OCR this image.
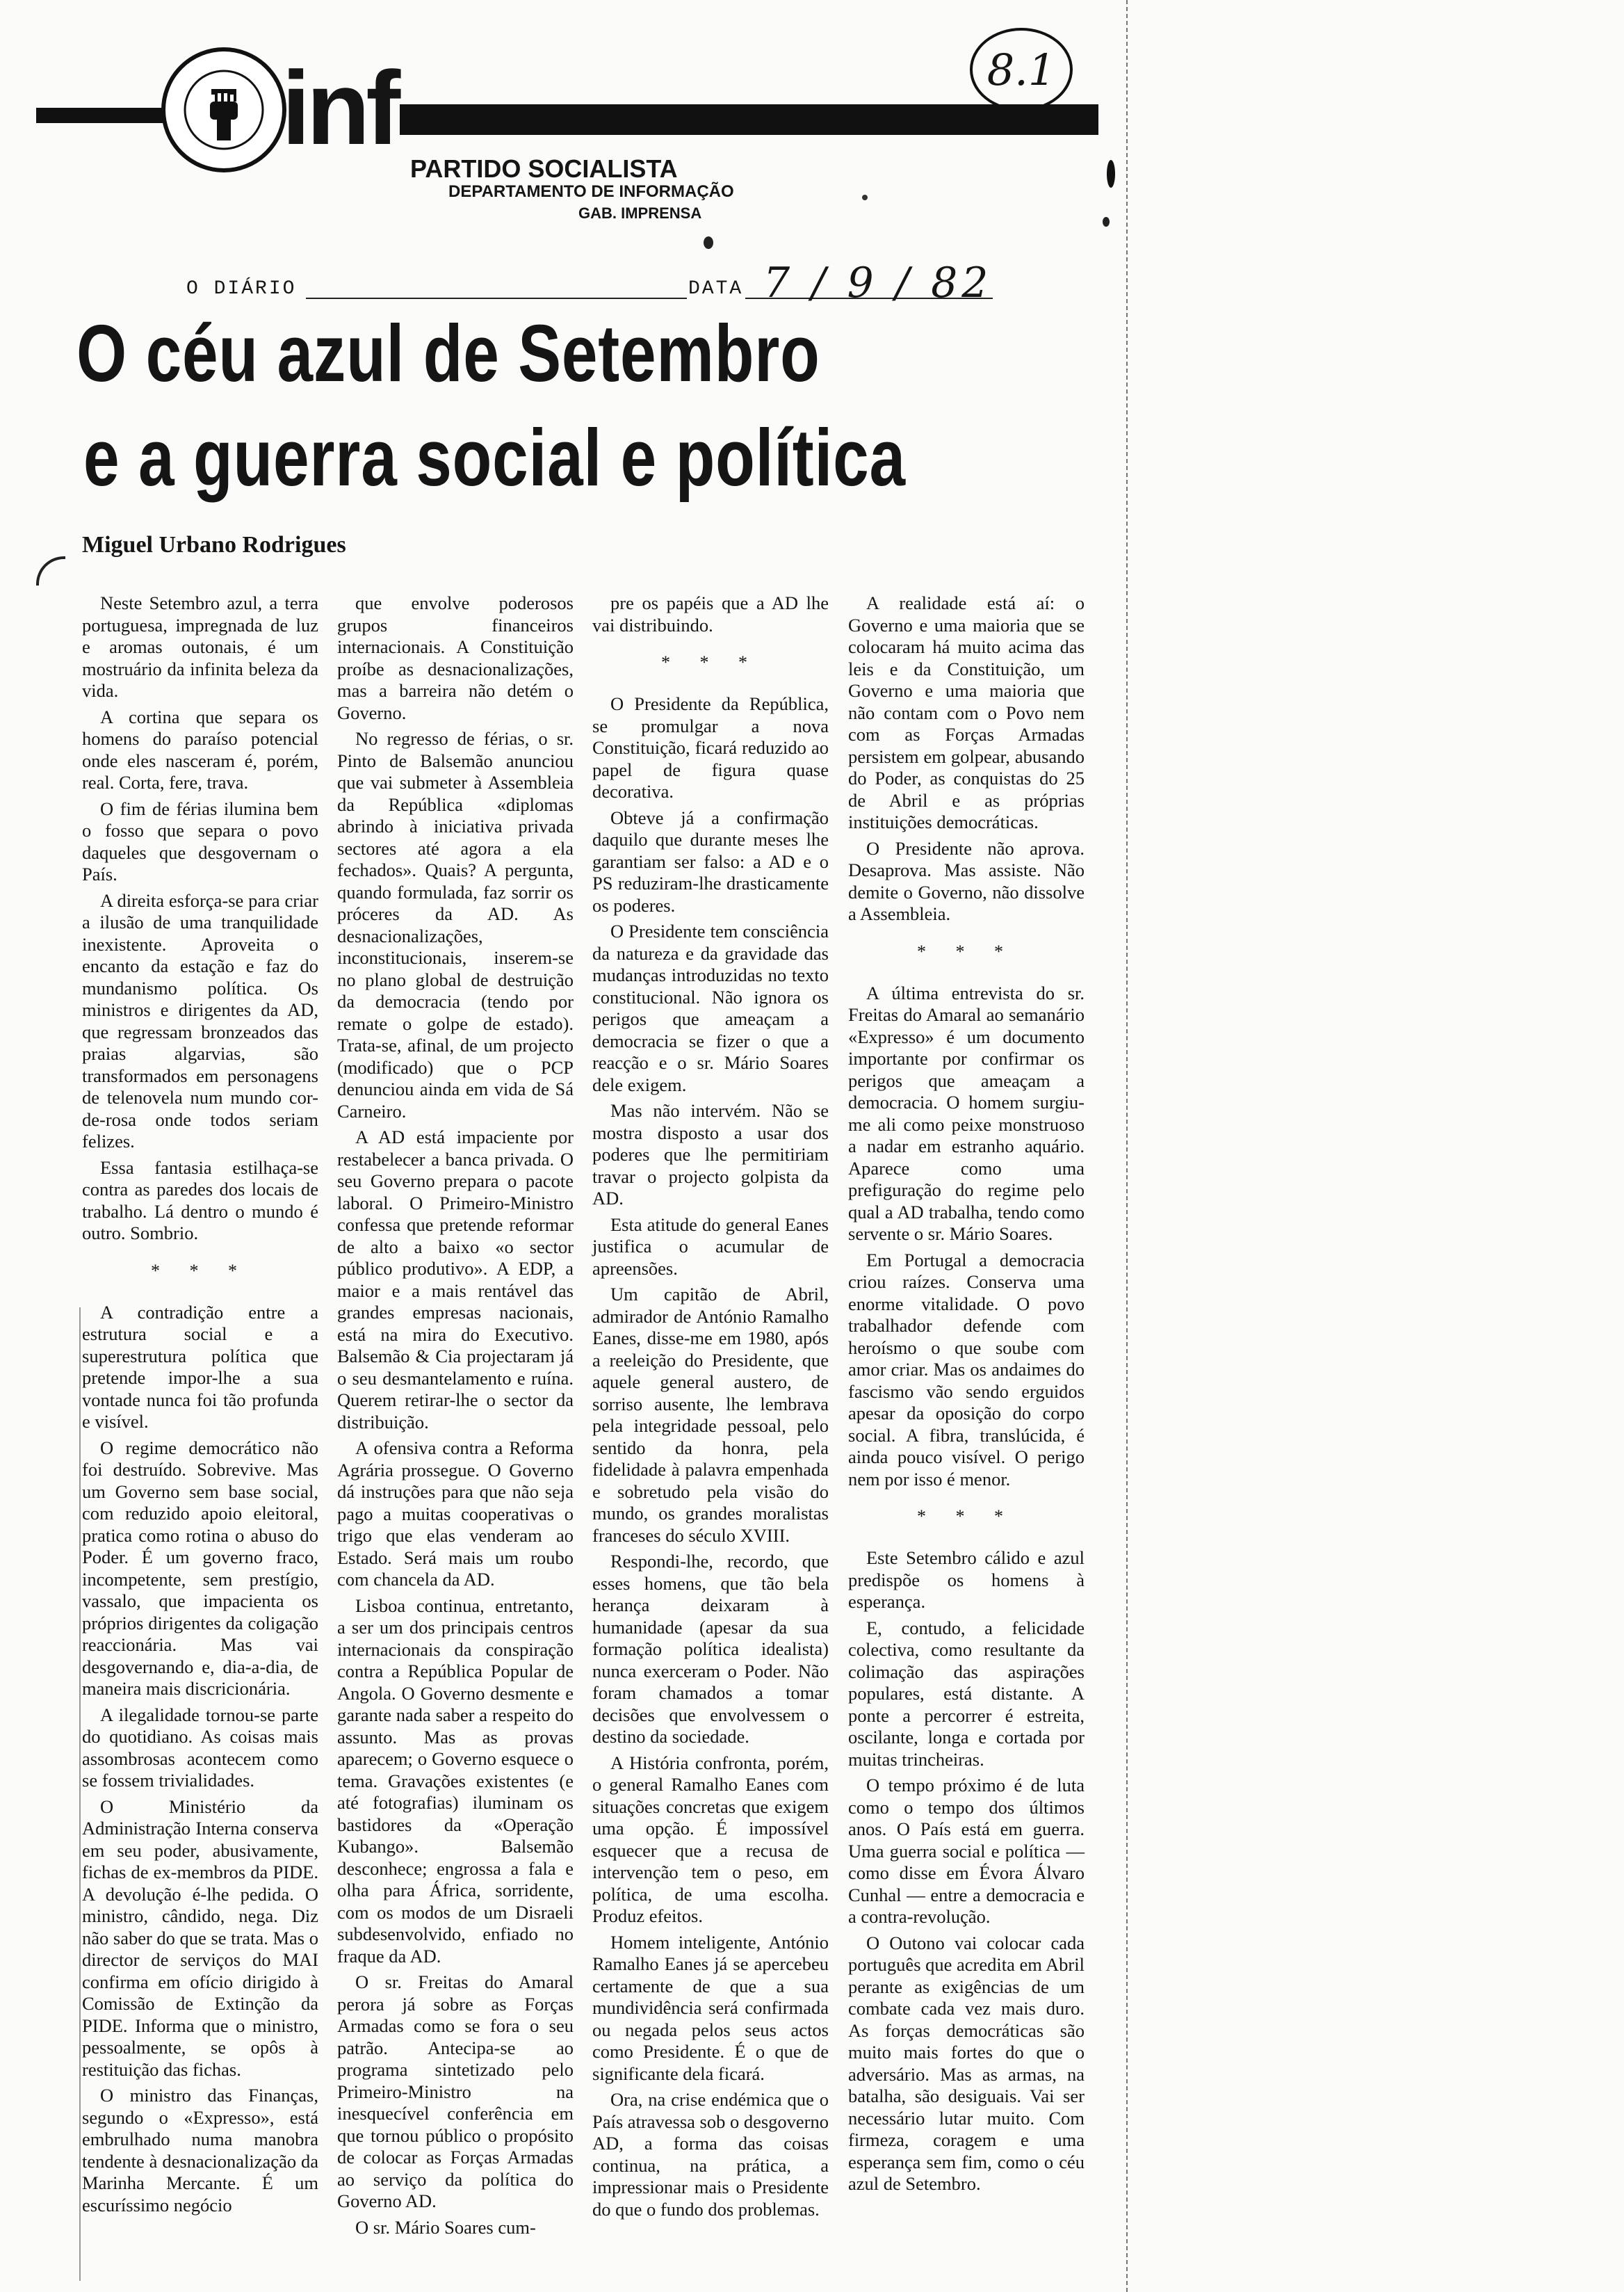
8.1
inf
PARTIDO SOCIALISTA
DEPARTAMENTO DE INFORMAÇÃO
GAB. IMPRENSA
O DIÁRIO	DATA 7 / 9 / 82
O céu azul de Setembro
e a guerra social e política
Miguel Urbano Rodrigues

Neste Setembro azul, a terra portuguesa, impregnada de luz e aromas outonais, é um mostruário da infinita beleza da vida.

A cortina que separa os homens do paraíso potencial onde eles nasceram é, porém, real. Corta, fere, trava.

O fim de férias ilumina bem o fosso que separa o povo daqueles que desgovernam o País.

A direita esforça-se para criar a ilusão de uma tranquilidade inexistente. Aproveita o encanto da estação e faz do mundanismo política. Os ministros e dirigentes da AD, que regressam bronzeados das praias algarvias, são transformados em personagens de telenovela num mundo cor-de-rosa onde todos seriam felizes.

Essa fantasia estilhaça-se contra as paredes dos locais de trabalho. Lá dentro o mundo é outro. Sombrio.

* * *

A contradição entre a estrutura social e a superestrutura política que pretende impor-lhe a sua vontade nunca foi tão profunda e visível.

O regime democrático não foi destruído. Sobrevive. Mas um Governo sem base social, com reduzido apoio eleitoral, pratica como rotina o abuso do Poder. É um governo fraco, incompetente, sem prestígio, vassalo, que impacienta os próprios dirigentes da coligação reaccionária. Mas vai desgovernando e, dia-a-dia, de maneira mais discricionária.

A ilegalidade tornou-se parte do quotidiano. As coisas mais assombrosas acontecem como se fossem trivialidades.

O Ministério da Administração Interna conserva em seu poder, abusivamente, fichas de ex-membros da PIDE. A devolução é-lhe pedida. O ministro, cândido, nega. Diz não saber do que se trata. Mas o director de serviços do MAI confirma em ofício dirigido à Comissão de Extinção da PIDE. Informa que o ministro, pessoalmente, se opôs à restituição das fichas.

O ministro das Finanças, segundo o «Expresso», está embrulhado numa manobra tendente à desnacionalização da Marinha Mercante. É um escuríssimo negócio

que envolve poderosos grupos financeiros internacionais. A Constituição proíbe as desnacionalizações, mas a barreira não detém o Governo.

No regresso de férias, o sr. Pinto de Balsemão anunciou que vai submeter à Assembleia da República «diplomas abrindo à iniciativa privada sectores até agora a ela fechados». Quais? A pergunta, quando formulada, faz sorrir os próceres da AD. As desnacionalizações, inconstitucionais, inserem-se no plano global de destruição da democracia (tendo por remate o golpe de estado). Trata-se, afinal, de um projecto (modificado) que o PCP denunciou ainda em vida de Sá Carneiro.

A AD está impaciente por restabelecer a banca privada. O seu Governo prepara o pacote laboral. O Primeiro-Ministro confessa que pretende reformar de alto a baixo «o sector público produtivo». A EDP, a maior e a mais rentável das grandes empresas nacionais, está na mira do Executivo. Balsemão & Cia projectaram já o seu desmantelamento e ruína. Querem retirar-lhe o sector da distribuição.

A ofensiva contra a Reforma Agrária prossegue. O Governo dá instruções para que não seja pago a muitas cooperativas o trigo que elas venderam ao Estado. Será mais um roubo com chancela da AD.

Lisboa continua, entretanto, a ser um dos principais centros internacionais da conspiração contra a República Popular de Angola. O Governo desmente e garante nada saber a respeito do assunto. Mas as provas aparecem; o Governo esquece o tema. Gravações existentes (e até fotografias) iluminam os bastidores da «Operação Kubango». Balsemão desconhece; engrossa a fala e olha para África, sorridente, com os modos de um Disraeli subdesenvolvido, enfiado no fraque da AD.

O sr. Freitas do Amaral perora já sobre as Forças Armadas como se fora o seu patrão. Antecipa-se ao programa sintetizado pelo Primeiro-Ministro na inesquecível conferência em que tornou público o propósito de colocar as Forças Armadas ao serviço da política do Governo AD.

O sr. Mário Soares cum-

pre os papéis que a AD lhe vai distribuindo.

* * *

O Presidente da República, se promulgar a nova Constituição, ficará reduzido ao papel de figura quase decorativa.

Obteve já a confirmação daquilo que durante meses lhe garantiam ser falso: a AD e o PS reduziram-lhe drasticamente os poderes.

O Presidente tem consciência da natureza e da gravidade das mudanças introduzidas no texto constitucional. Não ignora os perigos que ameaçam a democracia se fizer o que a reacção e o sr. Mário Soares dele exigem.

Mas não intervém. Não se mostra disposto a usar dos poderes que lhe permitiriam travar o projecto golpista da AD.

Esta atitude do general Eanes justifica o acumular de apreensões.

Um capitão de Abril, admirador de António Ramalho Eanes, disse-me em 1980, após a reeleição do Presidente, que aquele general austero, de sorriso ausente, lhe lembrava pela integridade pessoal, pelo sentido da honra, pela fidelidade à palavra empenhada e sobretudo pela visão do mundo, os grandes moralistas franceses do século XVIII.

Respondi-lhe, recordo, que esses homens, que tão bela herança deixaram à humanidade (apesar da sua formação política idealista) nunca exerceram o Poder. Não foram chamados a tomar decisões que envolvessem o destino da sociedade.

A História confronta, porém, o general Ramalho Eanes com situações concretas que exigem uma opção. É impossível esquecer que a recusa de intervenção tem o peso, em política, de uma escolha. Produz efeitos.

Homem inteligente, António Ramalho Eanes já se apercebeu certamente de que a sua mundividência será confirmada ou negada pelos seus actos como Presidente. É o que de significante dela ficará.

Ora, na crise endémica que o País atravessa sob o desgoverno AD, a forma das coisas continua, na prática, a impressionar mais o Presidente do que o fundo dos problemas.

A realidade está aí: o Governo e uma maioria que se colocaram há muito acima das leis e da Constituição, um Governo e uma maioria que não contam com o Povo nem com as Forças Armadas persistem em golpear, abusando do Poder, as conquistas do 25 de Abril e as próprias instituições democráticas.

O Presidente não aprova. Desaprova. Mas assiste. Não demite o Governo, não dissolve a Assembleia.

* * *

A última entrevista do sr. Freitas do Amaral ao semanário «Expresso» é um documento importante por confirmar os perigos que ameaçam a democracia. O homem surgiu-me ali como peixe monstruoso a nadar em estranho aquário. Aparece como uma prefiguração do regime pelo qual a AD trabalha, tendo como servente o sr. Mário Soares.

Em Portugal a democracia criou raízes. Conserva uma enorme vitalidade. O povo trabalhador defende com heroísmo o que soube com amor criar. Mas os andaimes do fascismo vão sendo erguidos apesar da oposição do corpo social. A fibra, translúcida, é ainda pouco visível. O perigo nem por isso é menor.

* * *

Este Setembro cálido e azul predispõe os homens à esperança.

E, contudo, a felicidade colectiva, como resultante da colimação das aspirações populares, está distante. A ponte a percorrer é estreita, oscilante, longa e cortada por muitas trincheiras.

O tempo próximo é de luta como o tempo dos últimos anos. O País está em guerra. Uma guerra social e política — como disse em Évora Álvaro Cunhal — entre a democracia e a contra-revolução.

O Outono vai colocar cada português que acredita em Abril perante as exigências de um combate cada vez mais duro. As forças democráticas são muito mais fortes do que o adversário. Mas as armas, na batalha, são desiguais. Vai ser necessário lutar muito. Com firmeza, coragem e uma esperança sem fim, como o céu azul de Setembro.
